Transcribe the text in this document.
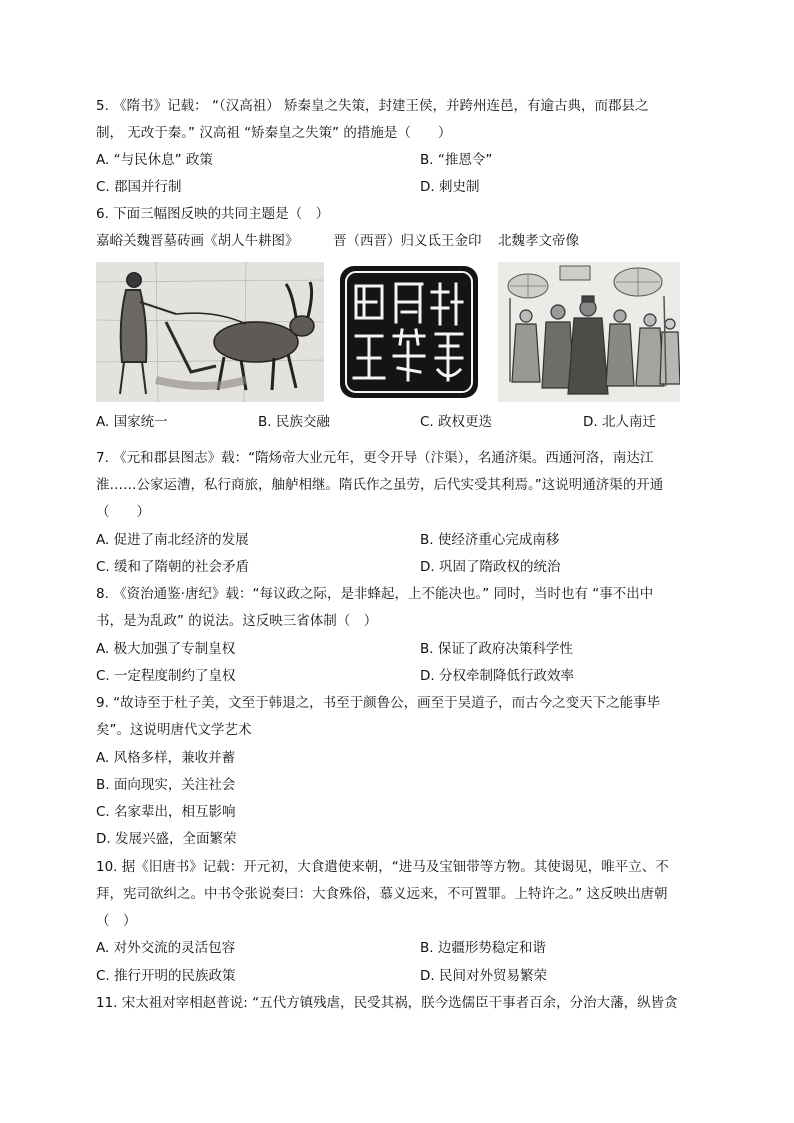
5. 《隋书》记载： “（汉高祖） 矫秦皇之失策，封建王侯，并跨州连邑，有逾古典，而郡县之
制， 无改于秦。” 汉高祖 “矫秦皇之失策” 的措施是（　　）
A. “与民休息” 政策	B. “推恩令”
C. 郡国并行制	D. 刺史制
6. 下面三幅图反映的共同主题是（　）
嘉峪关魏晋墓砖画《胡人牛耕图》	晋（西晋）归义氐王金印 北魏孝文帝像
A. 国家统一	B. 民族交融	C. 政权更迭	D. 北人南迁
7. 《元和郡县图志》载：“隋炀帝大业元年，更令开导（汴渠），名通济渠。西通河洛，南达江
淮……公家运漕，私行商旅，舳舻相继。隋氏作之虽劳，后代实受其利焉。”这说明通济渠的开通
（　　）
A. 促进了南北经济的发展	B. 使经济重心完成南移
C. 缓和了隋朝的社会矛盾	D. 巩固了隋政权的统治
8. 《资治通鉴·唐纪》载：“每议政之际，是非蜂起，上不能决也。” 同时，当时也有 “事不出中
书，是为乱政” 的说法。这反映三省体制（　）
A. 极大加强了专制皇权	B. 保证了政府决策科学性
C. 一定程度制约了皇权	D. 分权牵制降低行政效率
9. “故诗至于杜子美，文至于韩退之，书至于颜鲁公，画至于吴道子，而古今之变天下之能事毕
矣”。这说明唐代文学艺术
A. 风格多样，兼收并蓄
B. 面向现实，关注社会
C. 名家辈出，相互影响
D. 发展兴盛，全面繁荣
10. 据《旧唐书》记载：开元初，大食遣使来朝，“进马及宝钿带等方物。其使谒见，唯平立、不
拜，宪司欲纠之。中书令张说奏曰：大食殊俗，慕义远来，不可置罪。上特许之。” 这反映出唐朝
（　）
A. 对外交流的灵活包容	B. 边疆形势稳定和谐
C. 推行开明的民族政策	D. 民间对外贸易繁荣
11. 宋太祖对宰相赵普说: “五代方镇残虐，民受其祸，朕今选儒臣干事者百余，分治大藩，纵皆贪
